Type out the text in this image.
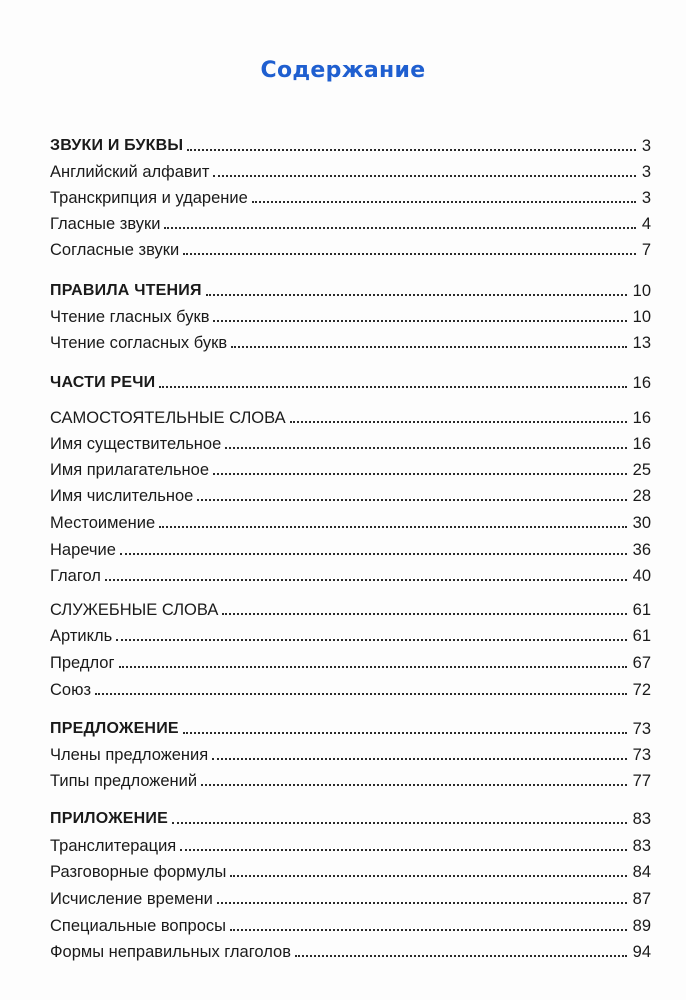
Содержание
ЗВУКИ И БУКВЫ	3
Английский алфавит	3
Транскрипция и ударение	3
Гласные звуки	4
Согласные звуки	7
ПРАВИЛА ЧТЕНИЯ	10
Чтение гласных букв	10
Чтение согласных букв	13
ЧАСТИ РЕЧИ	16
САМОСТОЯТЕЛЬНЫЕ СЛОВА	16
Имя существительное	16
Имя прилагательное	25
Имя числительное	28
Местоимение	30
Наречие	36
Глагол	40
СЛУЖЕБНЫЕ СЛОВА	61
Артикль	61
Предлог	67
Союз	72
ПРЕДЛОЖЕНИЕ	73
Члены предложения	73
Типы предложений	77
ПРИЛОЖЕНИЕ	83
Транслитерация	83
Разговорные формулы	84
Исчисление времени	87
Специальные вопросы	89
Формы неправильных глаголов	94
